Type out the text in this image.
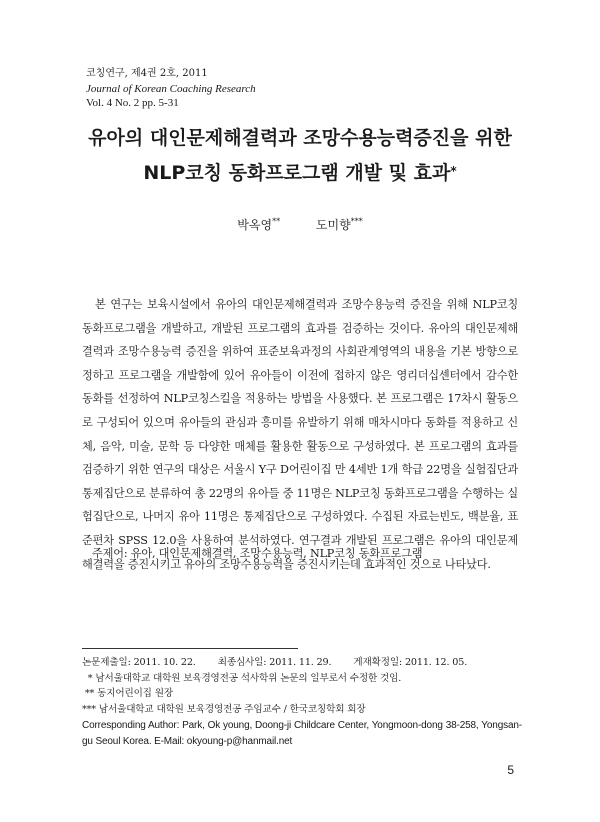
코칭연구, 제4권 2호, 2011
Journal of Korean Coaching Research
Vol. 4 No. 2 pp. 5-31
유아의 대인문제해결력과 조망수용능력증진을 위한
NLP코칭 동화프로그램 개발 및 효과*
박옥영**	도미향***
본 연구는 보육시설에서 유아의 대인문제해결력과 조망수용능력 증진을 위해 NLP코칭 동화프로그램을 개발하고, 개발된 프로그램의 효과를 검증하는 것이다. 유아의 대인문제해결력과 조망수용능력 증진을 위하여 표준보육과정의 사회관계영역의 내용을 기본 방향으로 정하고 프로그램을 개발함에 있어 유아들이 이전에 접하지 않은 영리더십센터에서 감수한 동화를 선정하여 NLP코칭스킬을 적용하는 방법을 사용했다. 본 프로그램은 17차시 활동으로 구성되어 있으며 유아들의 관심과 흥미를 유발하기 위해 매차시마다 동화를 적용하고 신체, 음악, 미술, 문학 등 다양한 매체를 활용한 활동으로 구성하였다. 본 프로그램의 효과를 검증하기 위한 연구의 대상은 서울시 Y구 D어린이집 만 4세반 1개 학급 22명을 실험집단과 통제집단으로 분류하여 총 22명의 유아들 중 11명은 NLP코칭 동화프로그램을 수행하는 실험집단으로, 나머지 유아 11명은 통제집단으로 구성하였다. 수집된 자료는빈도, 백분율, 표준편차 SPSS 12.0을 사용하여 분석하였다. 연구결과 개발된 프로그램은 유아의 대인문제해결력을 증진시키고 유아의 조망수용능력을 증진시키는데 효과적인 것으로 나타났다.
주제어: 유아, 대인문제해결력, 조망수용능력, NLP코칭 동화프로그램
논문제출일: 2011. 10. 22. 최종심사일: 2011. 11. 29. 게재확정일: 2011. 12. 05.
* 남서울대학교 대학원 보육경영전공 석사학위 논문의 일부로서 수정한 것임.
** 동지어린이집 원장
*** 남서울대학교 대학원 보육경영전공 주임교수 / 한국코칭학회 회장
Corresponding Author: Park, Ok young, Doong-ji Childcare Center, Yongmoon-dong 38-258, Yongsan-gu Seoul Korea. E-Mail: okyoung-p@hanmail.net
5
